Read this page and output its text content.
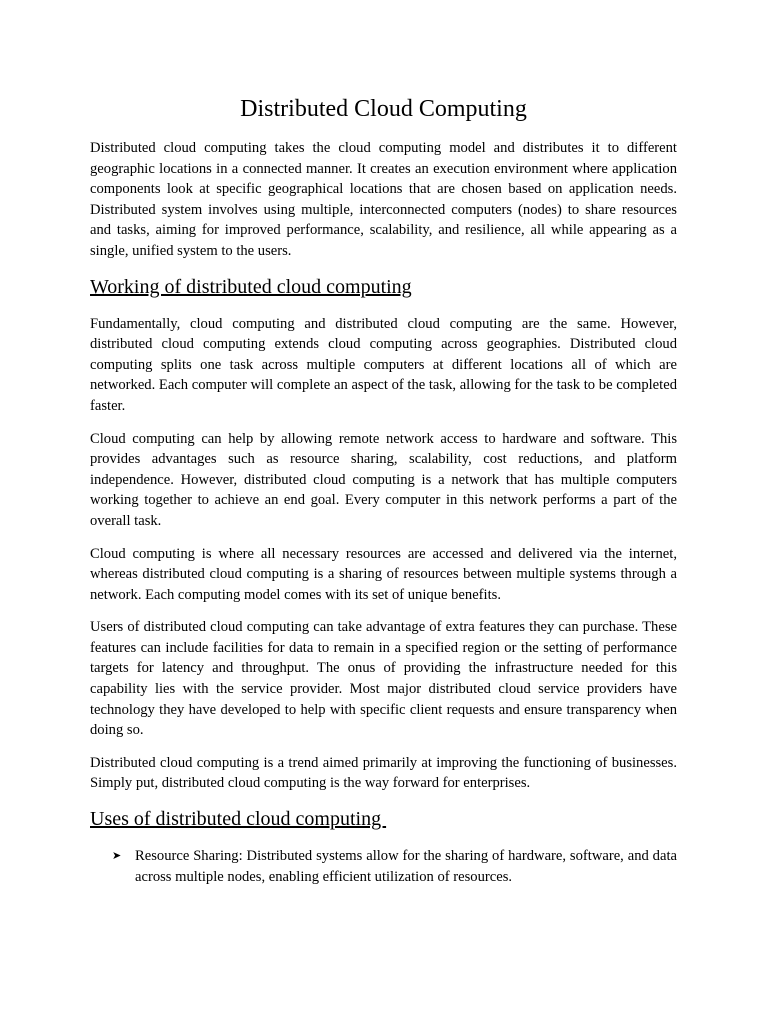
Distributed Cloud Computing

Distributed cloud computing takes the cloud computing model and distributes it to different geographic locations in a connected manner. It creates an execution environment where application components look at specific geographical locations that are chosen based on application needs. Distributed system involves using multiple, interconnected computers (nodes) to share resources and tasks, aiming for improved performance, scalability, and resilience, all while appearing as a single, unified system to the users.

Working of distributed cloud computing

Fundamentally, cloud computing and distributed cloud computing are the same. However, distributed cloud computing extends cloud computing across geographies. Distributed cloud computing splits one task across multiple computers at different locations all of which are networked. Each computer will complete an aspect of the task, allowing for the task to be completed faster.

Cloud computing can help by allowing remote network access to hardware and software. This provides advantages such as resource sharing, scalability, cost reductions, and platform independence. However, distributed cloud computing is a network that has multiple computers working together to achieve an end goal. Every computer in this network performs a part of the overall task.

Cloud computing is where all necessary resources are accessed and delivered via the internet, whereas distributed cloud computing is a sharing of resources between multiple systems through a network. Each computing model comes with its set of unique benefits.

Users of distributed cloud computing can take advantage of extra features they can purchase. These features can include facilities for data to remain in a specified region or the setting of performance targets for latency and throughput. The onus of providing the infrastructure needed for this capability lies with the service provider. Most major distributed cloud service providers have technology they have developed to help with specific client requests and ensure transparency when doing so.

Distributed cloud computing is a trend aimed primarily at improving the functioning of businesses. Simply put, distributed cloud computing is the way forward for enterprises.

Uses of distributed cloud computing
➤ Resource Sharing: Distributed systems allow for the sharing of hardware, software, and data across multiple nodes, enabling efficient utilization of resources.
